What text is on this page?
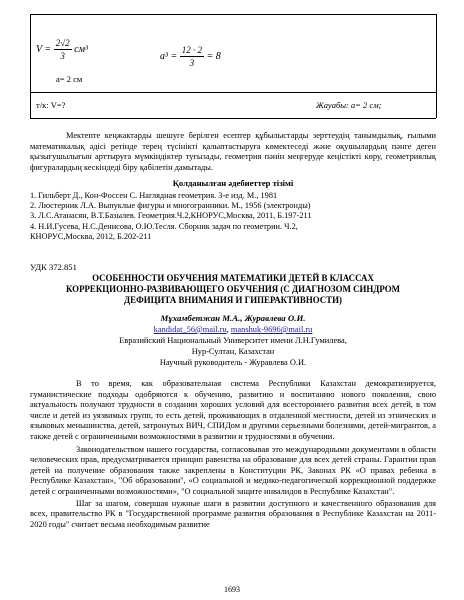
$V = \frac{2√2}{3} см^3$
a= 2 см
$a^3 = \frac{12 \cdot 2}{3} = 8$
т/к: V=?	Жауабы: a= 2 см;
Мектепте кеңжактарды шешуге берілген есептер құбылыстарды зерттеудің танымдылық, ғылыми математикалық әдісі ретінде терең түсінікті қалыптастыруға көмектеседі және оқушылардың пәнге деген қызығушылығын арттыруға мүмкіндіктер туғызады, геометрия пәнін меңгеруде кеңістікті көру, геометриялық фигуралардың кескіндеді біру қабілетін дамытады.
Қолданылған әдебиеттер тізімі
1. Гильберт Д., Кон-Фоссен С. Наглядная геометрия. 3-е изд. М., 1981
2. Люстерник Л.А. Выпуклые фигуры и многогранники. М., 1956 (электронды)
3. Л.С.Атанасян, В.Т.Базылев. Геометрия.Ч.2,КНОРУС,Москва, 2011, Б.197-211
4. Н.И.Гусева, Н.С.Денисова, О.Ю.Тесля. Сборник задач по геометрии. Ч.2,
КНОРУС,Москва, 2012, Б.202-211
УДК 372.851
ОСОБЕННОСТИ ОБУЧЕНИЯ МАТЕМАТИКИ ДЕТЕЙ В КЛАССАХ
КОРРЕКЦИОННО-РАЗВИВАЮЩЕГО ОБУЧЕНИЯ (С ДИАГНОЗОМ СИНДРОМ
ДЕФИЦИТА ВНИМАНИЯ И ГИПЕРАКТИВНОСТИ)
Мұхамбетжан М.А., Журавлева О.И.
kandidat_56@mail.ru, manshuk-9696@mail.ru
Евразийский Национальный Университет имени Л.Н.Гумилева,
Нур-Султан, Казахстан
Научный руководитель - Журавлева О.И.
В то время, как образовательная система Республики Казахстан демократизируется, гуманистические подходы одобряются к обучению, развитию и воспитанию нового поколения, свою актуальность получают трудности в создании хороших условий для всестороннего развития всех детей, в том числе и детей из уязвимых групп, то есть детей, проживающих в отдаленной местности, детей из этнических и языковых меньшинства, детей, затронутых ВИЧ, СПИДом и другими серьезными болезнями, детей-мигрантов, а также детей с ограниченными возможностями в развитии и трудностями в обучении.
Законодательством нашего государства, согласовывая это международными документами в области человеческих прав, предусматривается принцип равенства на образование для всех детей страны. Гарантии прав детей на получение образования также закреплены в Конституции РК, Законах РК «О правах ребенка в Республике Казахстан», "Об образовании", «О социальной и медико-педагогической коррекционной поддержке детей с ограниченными возможностями», "О социальной защите инвалидов в Республике Казахстан".
Шаг за шагом, совершая нужные шаги в развитии доступного и качественного образования для всех, правительство РК в "Государственной программе развития образования в Республике Казахстан на 2011-2020 годы" считает весьма необходимым развитие
1693
